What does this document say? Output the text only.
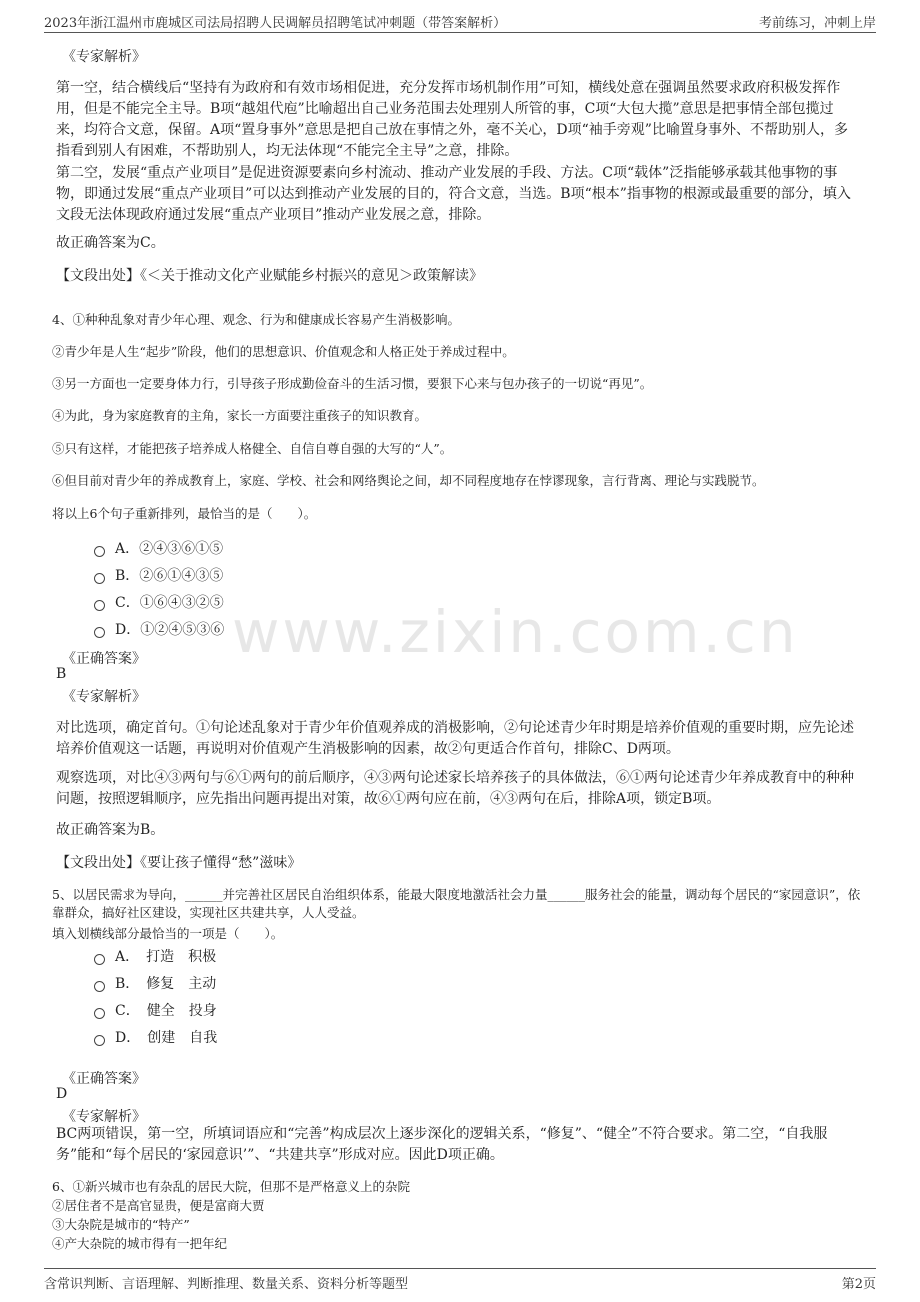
2023年浙江温州市鹿城区司法局招聘人民调解员招聘笔试冲刺题（带答案解析）	考前练习，冲刺上岸
www.zixin.com.cn
《专家解析》
第一空，结合横线后“坚持有为政府和有效市场相促进，充分发挥市场机制作用”可知，横线处意在强调虽然要求政府积极发挥作用，但是不能完全主导。B项“越俎代庖”比喻超出自己业务范围去处理别人所管的事，C项“大包大揽”意思是把事情全部包揽过来，均符合文意，保留。A项“置身事外”意思是把自己放在事情之外，毫不关心，D项“袖手旁观”比喻置身事外、不帮助别人，多指看到别人有困难，不帮助别人，均无法体现“不能完全主导”之意，排除。
第二空，发展“重点产业项目”是促进资源要素向乡村流动、推动产业发展的手段、方法。C项“载体”泛指能够承载其他事物的事物，即通过发展“重点产业项目”可以达到推动产业发展的目的，符合文意，当选。B项“根本”指事物的根源或最重要的部分，填入文段无法体现政府通过发展“重点产业项目”推动产业发展之意，排除。
故正确答案为C。
【文段出处】《＜关于推动文化产业赋能乡村振兴的意见＞政策解读》
4、①种种乱象对青少年心理、观念、行为和健康成长容易产生消极影响。
②青少年是人生“起步”阶段，他们的思想意识、价值观念和人格正处于养成过程中。
③另一方面也一定要身体力行，引导孩子形成勤俭奋斗的生活习惯，要狠下心来与包办孩子的一切说“再见”。
④为此，身为家庭教育的主角，家长一方面要注重孩子的知识教育。
⑤只有这样，才能把孩子培养成人格健全、自信自尊自强的大写的“人”。
⑥但目前对青少年的养成教育上，家庭、学校、社会和网络舆论之间，却不同程度地存在悖谬现象，言行背离、理论与实践脱节。
将以上6个句子重新排列，最恰当的是（　　）。
A．②④③⑥①⑤
B．②⑥①④③⑤
C．①⑥④③②⑤
D．①②④⑤③⑥
《正确答案》
B
《专家解析》
对比选项，确定首句。①句论述乱象对于青少年价值观养成的消极影响，②句论述青少年时期是培养价值观的重要时期，应先论述培养价值观这一话题，再说明对价值观产生消极影响的因素，故②句更适合作首句，排除C、D两项。
观察选项，对比④③两句与⑥①两句的前后顺序，④③两句论述家长培养孩子的具体做法，⑥①两句论述青少年养成教育中的种种问题，按照逻辑顺序，应先指出问题再提出对策，故⑥①两句应在前，④③两句在后，排除A项，锁定B项。
故正确答案为B。
【文段出处】《要让孩子懂得“愁”滋味》
5、以居民需求为导向，______并完善社区居民自治组织体系，能最大限度地激活社会力量______服务社会的能量，调动每个居民的“家园意识”，依靠群众，搞好社区建设，实现社区共建共享，人人受益。
填入划横线部分最恰当的一项是（　　）。
A．　打造　积极
B．　修复　主动
C．　健全　投身
D．　创建　自我
《正确答案》
D
《专家解析》
BC两项错误，第一空，所填词语应和“完善”构成层次上逐步深化的逻辑关系，“修复”、“健全”不符合要求。第二空，“自我服务”能和“每个居民的‘家园意识’”、“共建共享”形成对应。因此D项正确。
6、①新兴城市也有杂乱的居民大院，但那不是严格意义上的杂院
②居住者不是高官显贵，便是富商大贾
③大杂院是城市的“特产”
④产大杂院的城市得有一把年纪
含常识判断、言语理解、判断推理、数量关系、资料分析等题型	第2页
